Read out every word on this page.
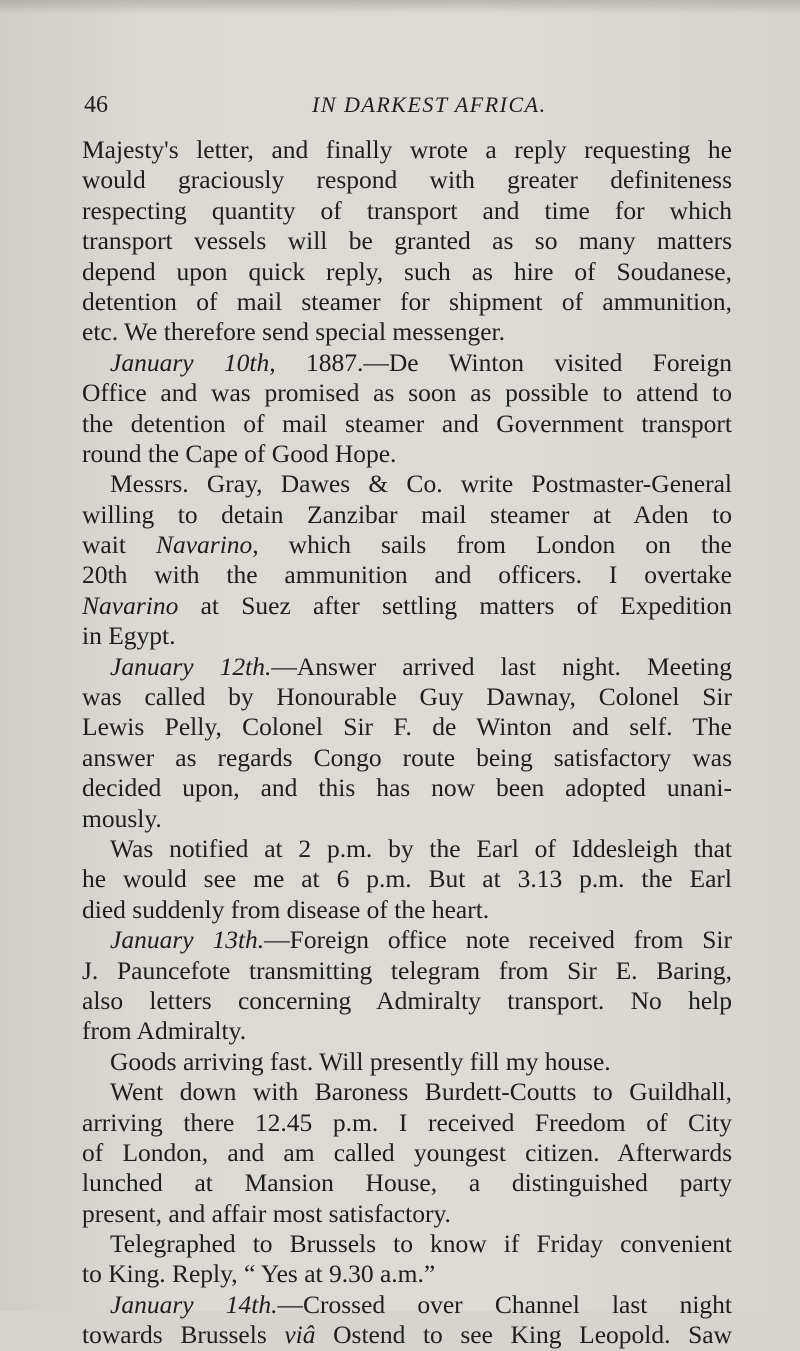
46	IN DARKEST AFRICA.
Majesty's letter, and finally wrote a reply requesting he
would graciously respond with greater definiteness
respecting quantity of transport and time for which
transport vessels will be granted as so many matters
depend upon quick reply, such as hire of Soudanese,
detention of mail steamer for shipment of ammunition,
etc. We therefore send special messenger.
January 10th, 1887.—De Winton visited Foreign
Office and was promised as soon as possible to attend to
the detention of mail steamer and Government transport
round the Cape of Good Hope.
Messrs. Gray, Dawes & Co. write Postmaster-General
willing to detain Zanzibar mail steamer at Aden to
wait Navarino, which sails from London on the
20th with the ammunition and officers. I overtake
Navarino at Suez after settling matters of Expedition
in Egypt.
January 12th.—Answer arrived last night. Meeting
was called by Honourable Guy Dawnay, Colonel Sir
Lewis Pelly, Colonel Sir F. de Winton and self. The
answer as regards Congo route being satisfactory was
decided upon, and this has now been adopted unani-
mously.
Was notified at 2 p.m. by the Earl of Iddesleigh that
he would see me at 6 p.m. But at 3.13 p.m. the Earl
died suddenly from disease of the heart.
January 13th.—Foreign office note received from Sir
J. Pauncefote transmitting telegram from Sir E. Baring,
also letters concerning Admiralty transport. No help
from Admiralty.
Goods arriving fast. Will presently fill my house.
Went down with Baroness Burdett-Coutts to Guildhall,
arriving there 12.45 p.m. I received Freedom of City
of London, and am called youngest citizen. Afterwards
lunched at Mansion House, a distinguished party
present, and affair most satisfactory.
Telegraphed to Brussels to know if Friday convenient
to King. Reply, “ Yes at 9.30 a.m.”
January 14th.—Crossed over Channel last night
towards Brussels viâ Ostend to see King Leopold. Saw
